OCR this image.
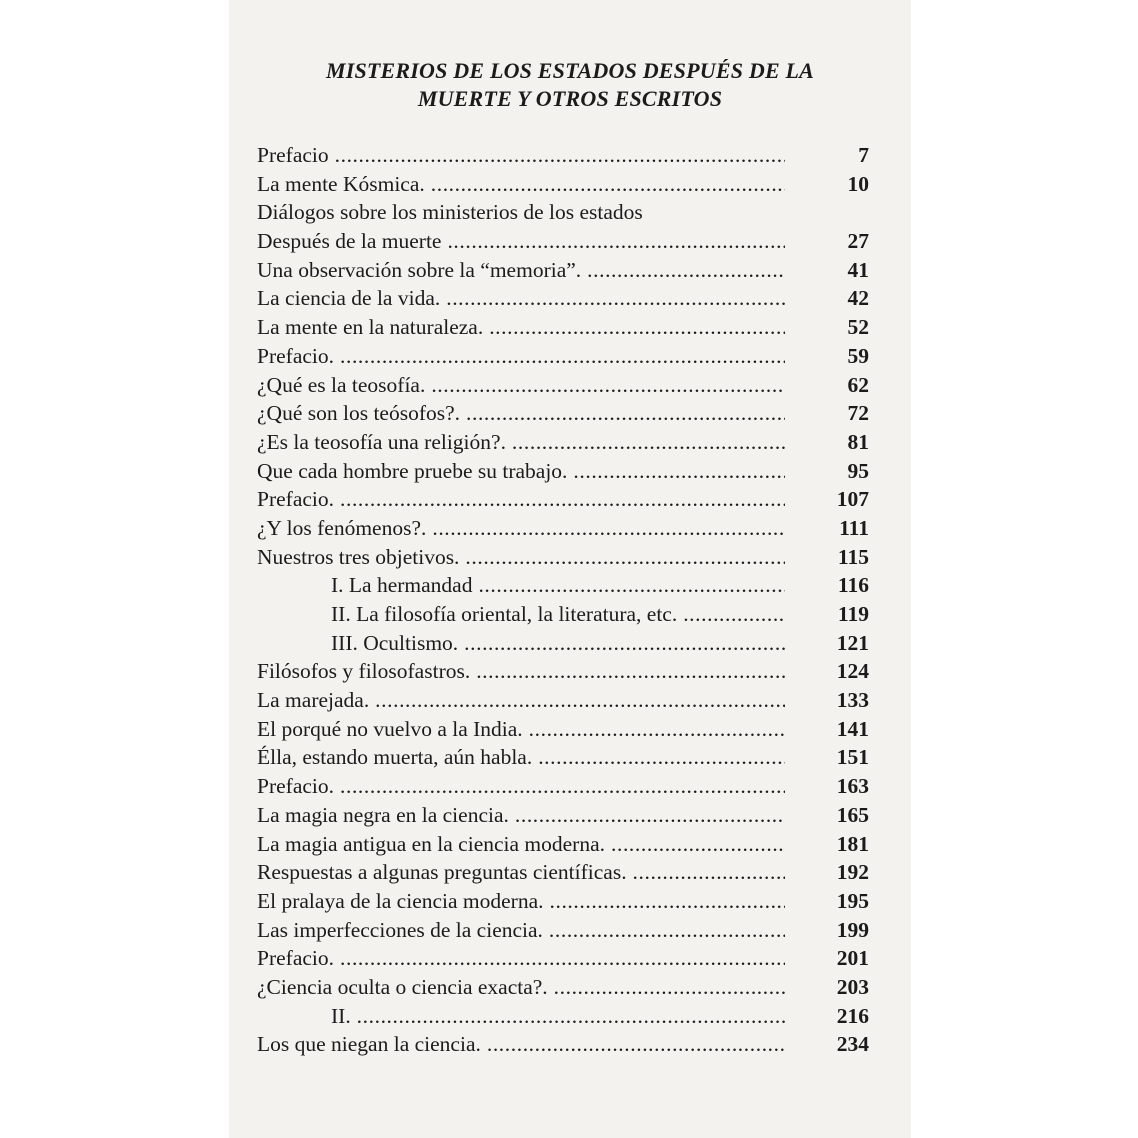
MISTERIOS DE LOS ESTADOS DESPUÉS DE LA
MUERTE Y OTROS ESCRITOS
Prefacio .....	7
La mente Kósmica. .....	10
Diálogos sobre los ministerios de los estados
Después de la muerte .....	27
Una observación sobre la “memoria”. .....	41
La ciencia de la vida. .....	42
La mente en la naturaleza. .....	52
Prefacio. .....	59
¿Qué es la teosofía. .....	62
¿Qué son los teósofos?. .....	72
¿Es la teosofía una religión?. .....	81
Que cada hombre pruebe su trabajo. .....	95
Prefacio. .....	107
¿Y los fenómenos?. .....	111
Nuestros tres objetivos. .....	115
I. La hermandad .....	116
II. La filosofía oriental, la literatura, etc. .....	119
III. Ocultismo. .....	121
Filósofos y filosofastros. .....	124
La marejada. .....	133
El porqué no vuelvo a la India. .....	141
Élla, estando muerta, aún habla. .....	151
Prefacio. .....	163
La magia negra en la ciencia. .....	165
La magia antigua en la ciencia moderna. .....	181
Respuestas a algunas preguntas científicas. .....	192
El pralaya de la ciencia moderna. .....	195
Las imperfecciones de la ciencia. .....	199
Prefacio. .....	201
¿Ciencia oculta o ciencia exacta?. .....	203
II. .....	216
Los que niegan la ciencia. .....	234
